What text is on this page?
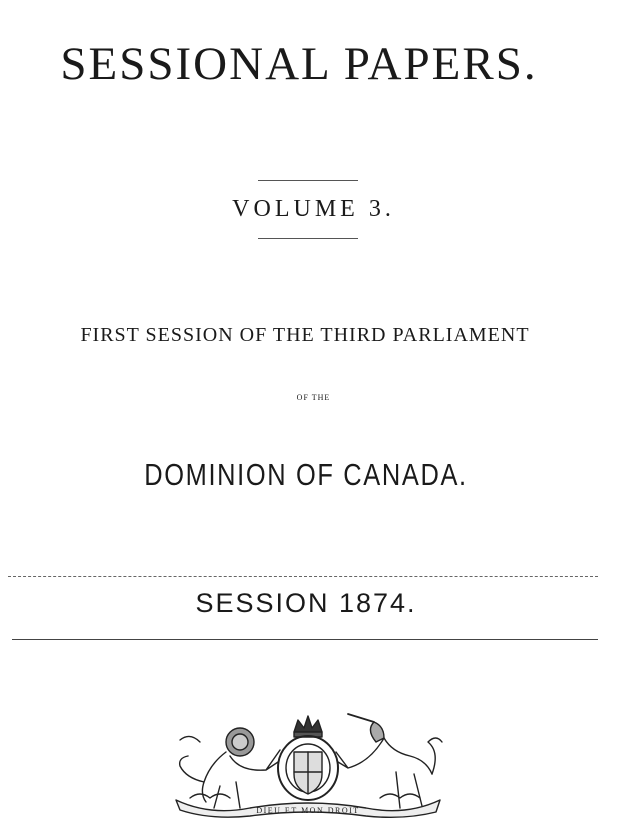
SESSIONAL PAPERS.
VOLUME 3.
FIRST SESSION OF THE THIRD PARLIAMENT
OF THE
DOMINION OF CANADA.
SESSION 1874.
DIEU ET MON DROIT
